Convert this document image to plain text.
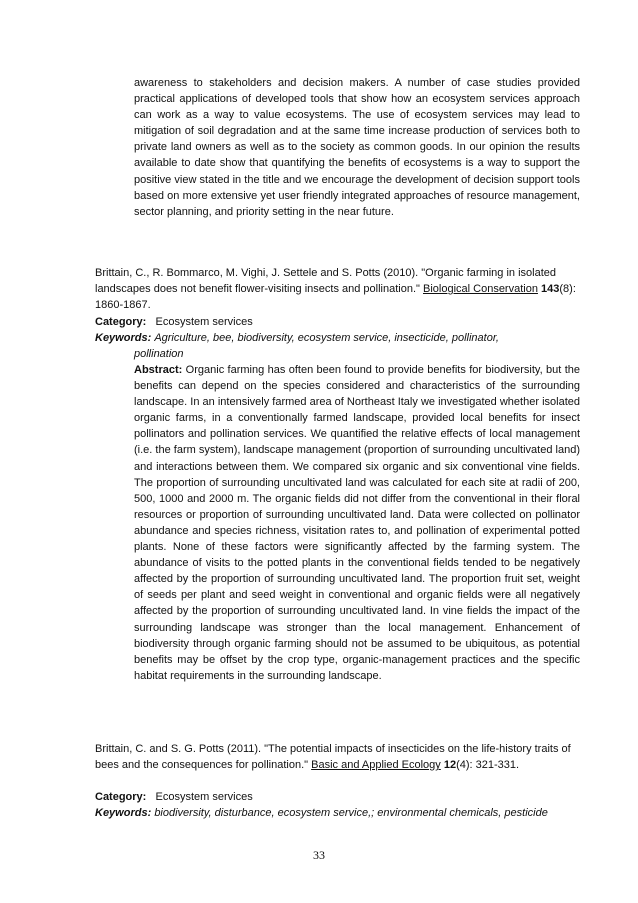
awareness to stakeholders and decision makers. A number of case studies provided practical applications of developed tools that show how an ecosystem services approach can work as a way to value ecosystems. The use of ecosystem services may lead to mitigation of soil degradation and at the same time increase production of services both to private land owners as well as to the society as common goods. In our opinion the results available to date show that quantifying the benefits of ecosystems is a way to support the positive view stated in the title and we encourage the development of decision support tools based on more extensive yet user friendly integrated approaches of resource management, sector planning, and priority setting in the near future.

Brittain, C., R. Bommarco, M. Vighi, J. Settele and S. Potts (2010). "Organic farming in isolated landscapes does not benefit flower-visiting insects and pollination." Biological Conservation 143(8): 1860-1867.

Category: Ecosystem services

Keywords: Agriculture, bee, biodiversity, ecosystem service, insecticide, pollinator,
pollination

Abstract: Organic farming has often been found to provide benefits for biodiversity, but the benefits can depend on the species considered and characteristics of the surrounding landscape. In an intensively farmed area of Northeast Italy we investigated whether isolated organic farms, in a conventionally farmed landscape, provided local benefits for insect pollinators and pollination services. We quantified the relative effects of local management (i.e. the farm system), landscape management (proportion of surrounding uncultivated land) and interactions between them. We compared six organic and six conventional vine fields. The proportion of surrounding uncultivated land was calculated for each site at radii of 200, 500, 1000 and 2000 m. The organic fields did not differ from the conventional in their floral resources or proportion of surrounding uncultivated land. Data were collected on pollinator abundance and species richness, visitation rates to, and pollination of experimental potted plants. None of these factors were significantly affected by the farming system. The abundance of visits to the potted plants in the conventional fields tended to be negatively affected by the proportion of surrounding uncultivated land. The proportion fruit set, weight of seeds per plant and seed weight in conventional and organic fields were all negatively affected by the proportion of surrounding uncultivated land. In vine fields the impact of the surrounding landscape was stronger than the local management. Enhancement of biodiversity through organic farming should not be assumed to be ubiquitous, as potential benefits may be offset by the crop type, organic-management practices and the specific habitat requirements in the surrounding landscape.

Brittain, C. and S. G. Potts (2011). "The potential impacts of insecticides on the life-history traits of bees and the consequences for pollination." Basic and Applied Ecology 12(4): 321-331.

Category: Ecosystem services

Keywords: biodiversity, disturbance, ecosystem service,; environmental chemicals, pesticide

33
